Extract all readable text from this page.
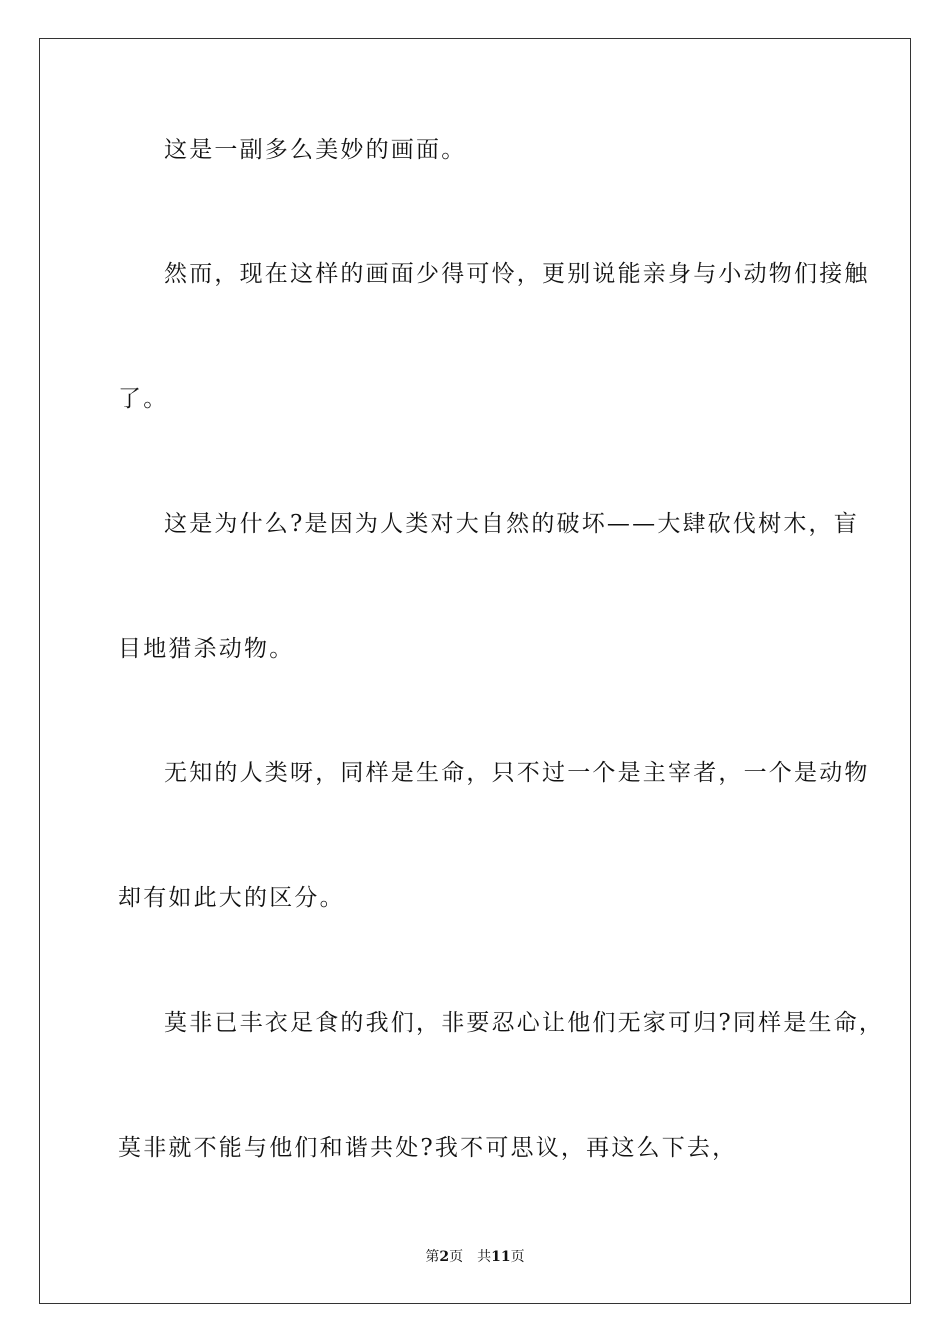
这是一副多么美妙的画面。
然而，现在这样的画面少得可怜，更别说能亲身与小动物们接触
了。
这是为什么?是因为人类对大自然的破坏——大肆砍伐树木，盲
目地猎杀动物。
无知的人类呀，同样是生命，只不过一个是主宰者，一个是动物
却有如此大的区分。
莫非已丰衣足食的我们，非要忍心让他们无家可归?同样是生命，
莫非就不能与他们和谐共处?我不可思议，再这么下去，
第2页 共11页
